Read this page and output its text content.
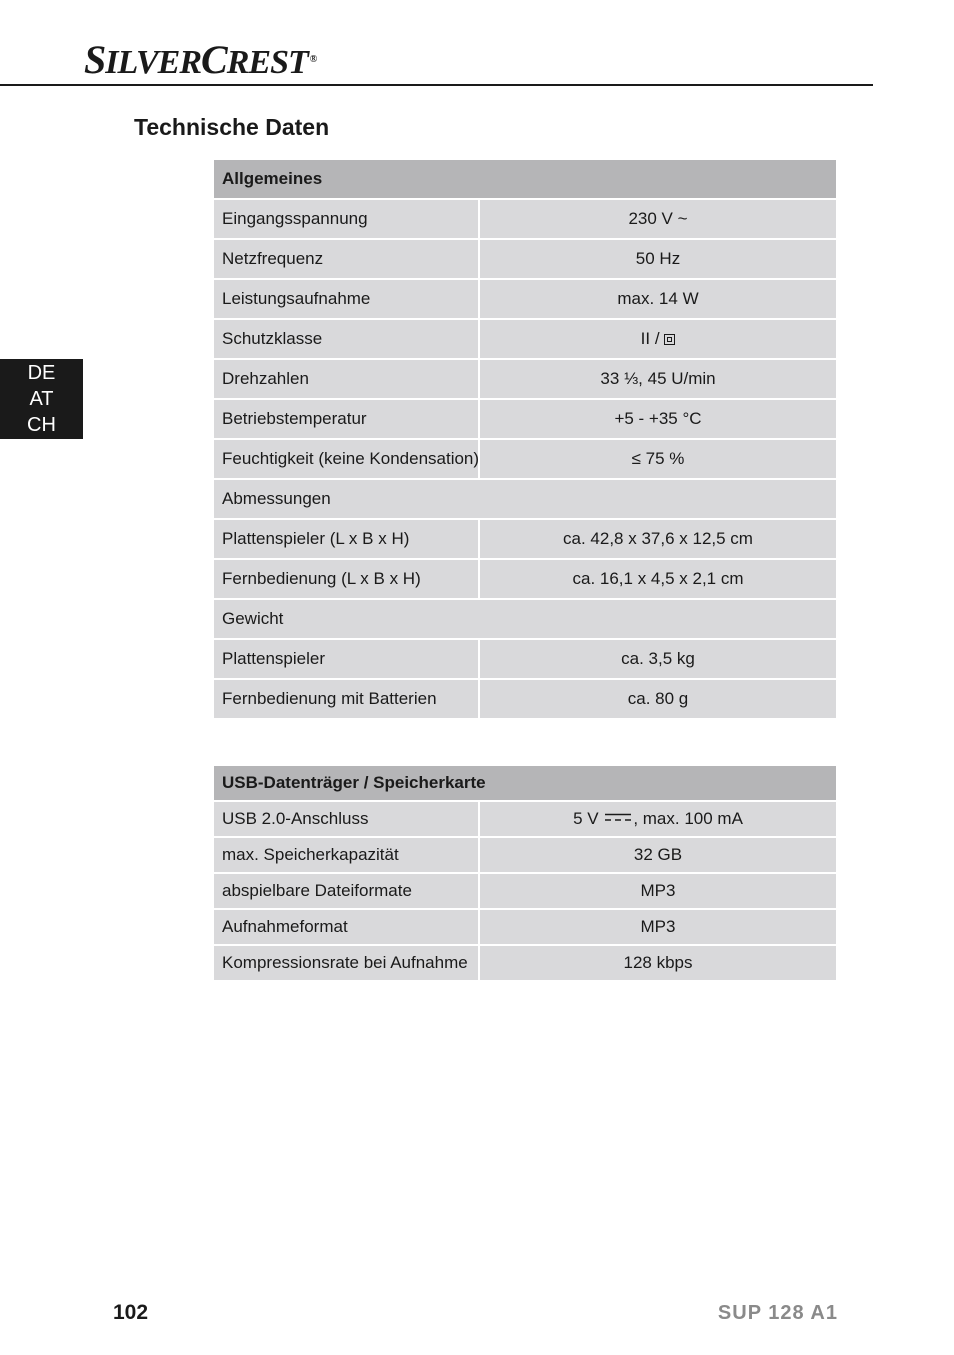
SILVERCREST ®
Technische Daten
DE
AT
CH
Allgemeines	
Eingangsspannung	230 V ~
Netzfrequenz	50 Hz
Leistungsaufnahme	max. 14 W
Schutzklasse	II /
Drehzahlen	33 ⅓, 45 U/min
Betriebstemperatur	+5 - +35 °C
Feuchtigkeit (keine Kondensation)	≤ 75 %
Abmessungen	
Plattenspieler (L x B x H)	ca. 42,8 x 37,6 x 12,5 cm
Fernbedienung (L x B x H)	ca. 16,1 x 4,5 x 2,1 cm
Gewicht	
Plattenspieler	ca. 3,5 kg
Fernbedienung mit Batterien	ca. 80 g
USB-Datenträger / Speicherkarte	
USB 2.0-Anschluss	5 V , max. 100 mA
max. Speicherkapazität	32 GB
abspielbare Dateiformate	MP3
Aufnahmeformat	MP3
Kompressionsrate bei Aufnahme	128 kbps
102	SUP 128 A1
